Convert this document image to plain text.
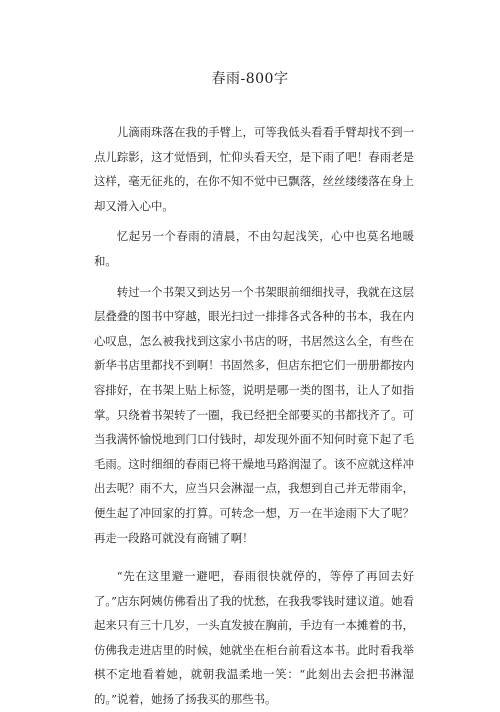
春雨-800字

儿滴雨珠落在我的手臂上，可等我低头看看手臂却找不到一点儿踪影，这才觉悟到，忙仰头看天空，是下雨了吧！春雨老是这样，毫无征兆的，在你不知不觉中已飘落，丝丝缕缕落在身上却又滑入心中。

忆起另一个春雨的清晨，不由勾起浅笑，心中也莫名地暖和。

转过一个书架又到达另一个书架眼前细细找寻，我就在这层层叠叠的图书中穿越，眼光扫过一排排各式各种的书本，我在内心叹息，怎么被我找到这家小书店的呀，书居然这么全，有些在新华书店里都找不到啊！书固然多，但店东把它们一册册都按内容排好，在书架上贴上标签，说明是哪一类的图书，让人了如指掌。只绕着书架转了一圈，我已经把全部要买的书都找齐了。可当我满怀愉悦地到门口付钱时，却发现外面不知何时竟下起了毛毛雨。这时细细的春雨已将干燥地马路润湿了。该不应就这样冲出去呢？雨不大，应当只会淋湿一点，我想到自己并无带雨伞，便生起了冲回家的打算。可转念一想，万一在半途雨下大了呢？再走一段路可就没有商铺了啊！

“先在这里避一避吧，春雨很快就停的，等停了再回去好了。”店东阿姨仿佛看出了我的忧愁，在我我零钱时建议道。她看起来只有三十几岁，一头直发披在胸前，手边有一本摊着的书，仿佛我走进店里的时候，她就坐在柜台前看这本书。此时看我举棋不定地看着她，就朝我温柔地一笑：“此刻出去会把书淋湿的。”说着，她扬了扬我买的那些书。
